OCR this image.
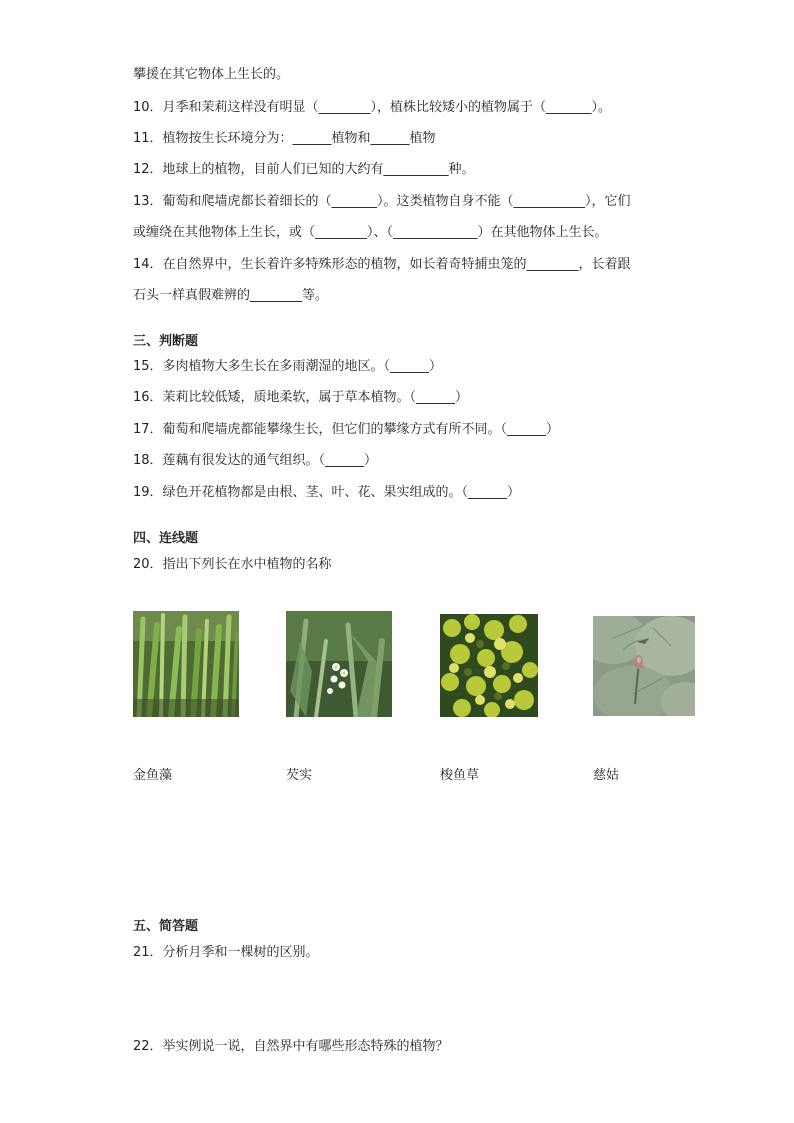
攀援在其它物体上生长的。
10．月季和茉莉这样没有明显（________），植株比较矮小的植物属于（_______）。
11．植物按生长环境分为：______植物和______植物
12．地球上的植物，目前人们已知的大约有__________种。
13．葡萄和爬墙虎都长着细长的（_______）。这类植物自身不能（___________），它们
或缠绕在其他物体上生长，或（________）、（_____________）在其他物体上生长。
14．在自然界中，生长着许多特殊形态的植物，如长着奇特捕虫笼的________，长着跟
石头一样真假难辨的________等。
三、判断题
15．多肉植物大多生长在多雨潮湿的地区。（______）
16．茉莉比较低矮，质地柔软，属于草本植物。（______）
17．葡萄和爬墙虎都能攀缘生长，但它们的攀缘方式有所不同。（______）
18．莲藕有很发达的通气组织。（______）
19．绿色开花植物都是由根、茎、叶、花、果实组成的。（______）
四、连线题
20．指出下列长在水中植物的名称
金鱼藻	芡实	梭鱼草	慈姑
五、简答题
21．分析月季和一棵树的区别。
22．举实例说一说，自然界中有哪些形态特殊的植物？
